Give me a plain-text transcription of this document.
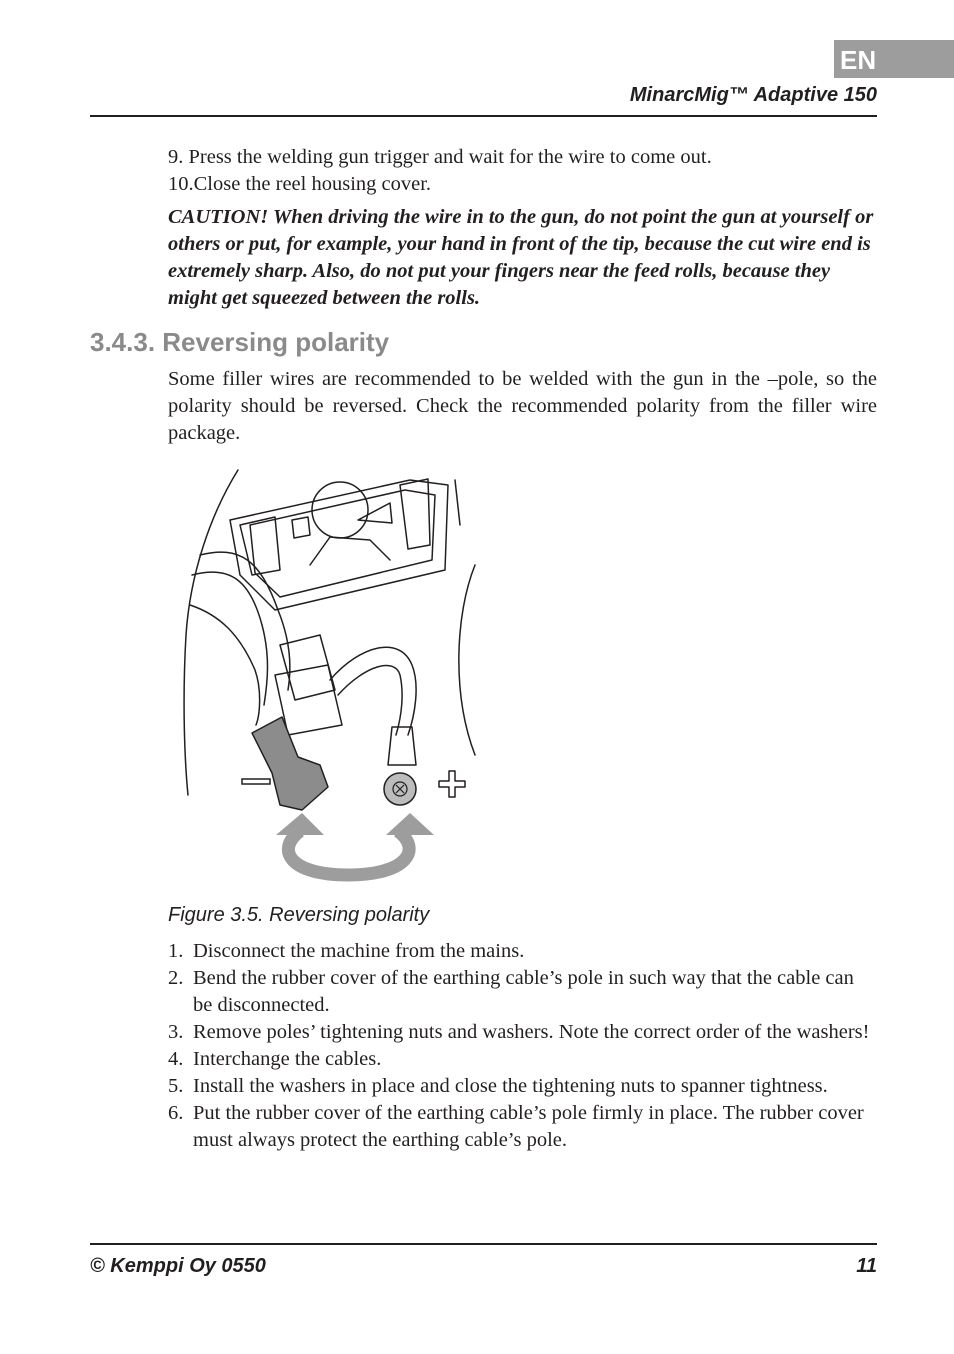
EN
MinarcMig™ Adaptive 150
9. Press the welding gun trigger and wait for the wire to come out.
10.Close the reel housing cover.

CAUTION! When driving the wire in to the gun, do not point the gun at yourself or others or put, for example, your hand in front of the tip, because the cut wire end is extremely sharp. Also, do not put your fingers near the feed rolls, because they might get squeezed between the rolls.

3.4.3. Reversing polarity

Some filler wires are recommended to be welded with the gun in the –pole, so the polarity should be reversed. Check the recommended polarity from the filler wire package.

Figure 3.5. Reversing polarity

1. Disconnect the machine from the mains.
2. Bend the rubber cover of the earthing cable’s pole in such way that the cable can be disconnected.
3. Remove poles’ tightening nuts and washers. Note the correct order of the washers!
4. Interchange the cables.
5. Install the washers in place and close the tightening nuts to spanner tightness.
6. Put the rubber cover of the earthing cable’s pole firmly in place. The rubber cover must always protect the earthing cable’s pole.
© Kemppi Oy 0550	11
